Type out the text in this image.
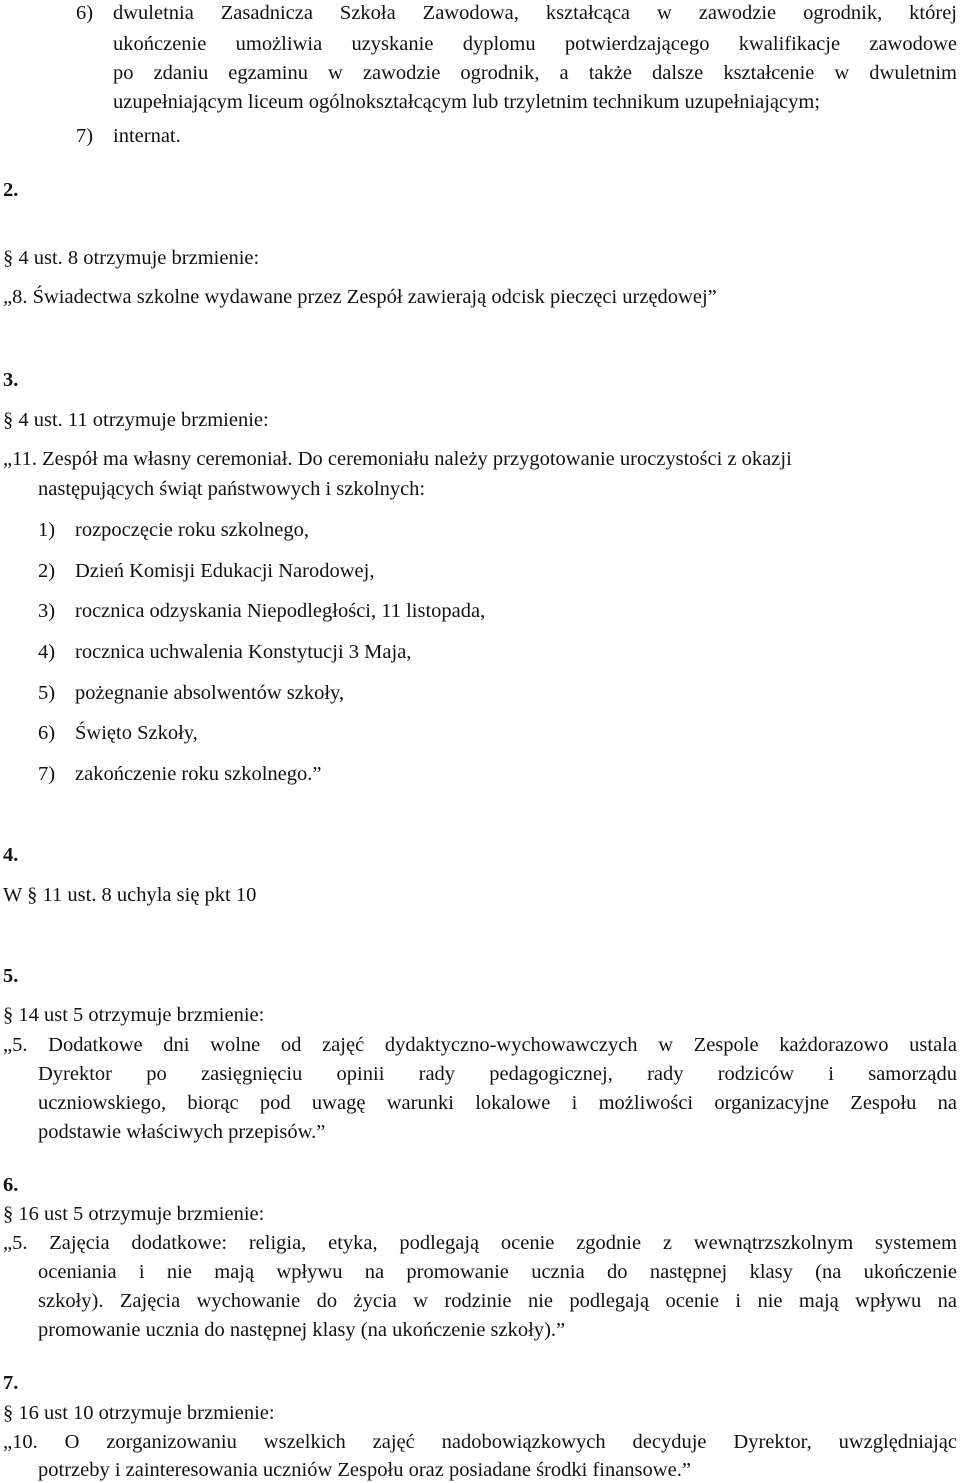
6) dwuletnia Zasadnicza Szkoła Zawodowa, kształcąca w zawodzie ogrodnik, której
ukończenie umożliwia uzyskanie dyplomu potwierdzającego kwalifikacje zawodowe
po zdaniu egzaminu w zawodzie ogrodnik, a także dalsze kształcenie w dwuletnim
uzupełniającym liceum ogólnokształcącym lub trzyletnim technikum uzupełniającym;
7) internat.
2.
§ 4 ust. 8 otrzymuje brzmienie:
„8. Świadectwa szkolne wydawane przez Zespół zawierają odcisk pieczęci urzędowej”
3.
§ 4 ust. 11 otrzymuje brzmienie:
„11. Zespół ma własny ceremoniał. Do ceremoniału należy przygotowanie uroczystości z okazji
następujących świąt państwowych i szkolnych:
1) rozpoczęcie roku szkolnego,
2) Dzień Komisji Edukacji Narodowej,
3) rocznica odzyskania Niepodległości, 11 listopada,
4) rocznica uchwalenia Konstytucji 3 Maja,
5) pożegnanie absolwentów szkoły,
6) Święto Szkoły,
7) zakończenie roku szkolnego.”
4.
W § 11 ust. 8 uchyla się pkt 10
5.
§ 14 ust 5 otrzymuje brzmienie:
„5. Dodatkowe dni wolne od zajęć dydaktyczno-wychowawczych w Zespole każdorazowo ustala
Dyrektor po zasięgnięciu opinii rady pedagogicznej, rady rodziców i samorządu
uczniowskiego, biorąc pod uwagę warunki lokalowe i możliwości organizacyjne Zespołu na
podstawie właściwych przepisów.”
6.
§ 16 ust 5 otrzymuje brzmienie:
„5. Zajęcia dodatkowe: religia, etyka, podlegają ocenie zgodnie z wewnątrzszkolnym systemem
oceniania i nie mają wpływu na promowanie ucznia do następnej klasy (na ukończenie
szkoły). Zajęcia wychowanie do życia w rodzinie nie podlegają ocenie i nie mają wpływu na
promowanie ucznia do następnej klasy (na ukończenie szkoły).”
7.
§ 16 ust 10 otrzymuje brzmienie:
„10. O zorganizowaniu wszelkich zajęć nadobowiązkowych decyduje Dyrektor, uwzględniając
potrzeby i zainteresowania uczniów Zespołu oraz posiadane środki finansowe.”
